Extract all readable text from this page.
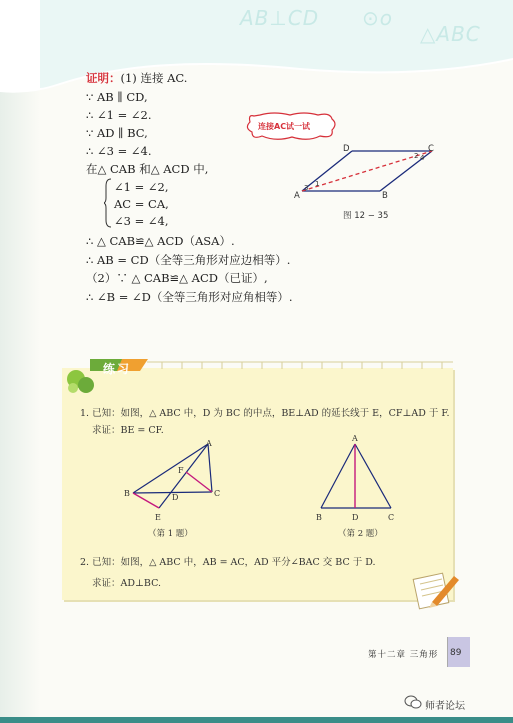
AB⊥CD ⊙o
△ABC
证明：(1) 连接 AC.
∵ AB ∥ CD,
∴ ∠1 = ∠2.
∵ AD ∥ BC,
∴ ∠3 = ∠4.
在△ CAB 和△ ACD 中,
∠1 = ∠2,
AC = CA,
∠3 = ∠4,
∴ △ CAB≌△ ACD（ASA）.
∴ AB = CD（全等三角形对应边相等）.
（2）∵ △ CAB≌△ ACD（已证）,
∴ ∠B = ∠D（全等三角形对应角相等）.
连接AC试一试
A	B
C
D
1
3
2 4
图 12 − 35
练习
1. 已知：如图，△ ABC 中，D 为 BC 的中点，BE⊥AD 的延长线于 E，CF⊥AD 于 F.
求证：BE = CF.
A
B	C
D
E
F
（第 1 题）
A
B	C
D
（第 2 题）
2. 已知：如图，△ ABC 中，AB = AC，AD 平分∠BAC 交 BC 于 D.
求证：AD⊥BC.
第十二章 三角形 89
师者论坛
